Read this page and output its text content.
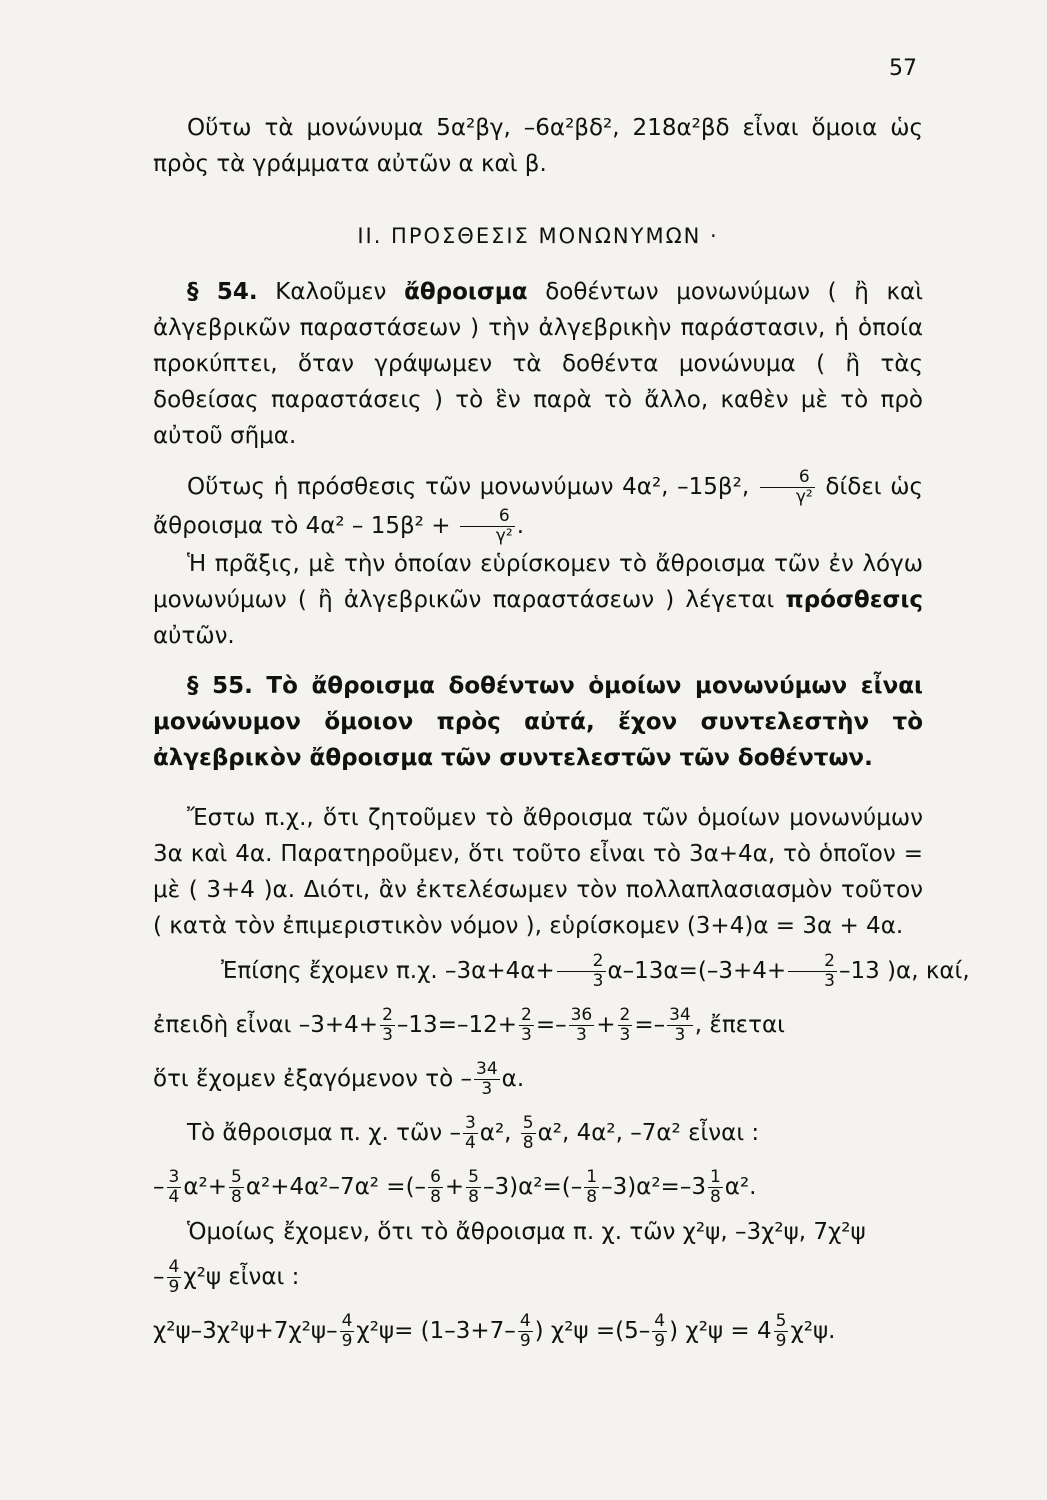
57

Οὕτω τὰ μονώνυμα 5α²βγ, –6α²βδ², 218α²βδ εἶναι ὅμοια ὡς πρὸς τὰ γράμματα αὐτῶν α καὶ β.

ΙΙ. ΠΡΟΣΘΕΣΙΣ ΜΟΝΩΝΥΜΩΝ ·

§ 54. Καλοῦμεν ἄθροισμα δοθέντων μονωνύμων ( ἢ καὶ ἀλγεβρικῶν παραστάσεων ) τὴν ἀλγεβρικὴν παράστασιν, ἡ ὁποία προκύπτει, ὅταν γράψωμεν τὰ δοθέντα μονώνυμα ( ἢ τὰς δοθείσας παραστάσεις ) τὸ ἓν παρὰ τὸ ἄλλο, καθὲν μὲ τὸ πρὸ αὐτοῦ σῆμα.

Οὕτως ἡ πρόσθεσις τῶν μονωνύμων 4α², –15β², $\frac{6}{\text{γ²}}$ δίδει ὡς ἄθροισμα τὸ $4\alpha^2 - 15\beta^2 + \frac{6}{\text{γ²}}$ .

Ἡ πρᾶξις, μὲ τὴν ὁποίαν εὑρίσκομεν τὸ ἄθροισμα τῶν ἐν λόγω μονωνύμων ( ἢ ἀλγεβρικῶν παραστάσεων ) λέγεται πρόσθεσις αὐτῶν.

§ 55. Τὸ ἄθροισμα δοθέντων ὁμοίων μονωνύμων εἶναι μονώνυμον ὅμοιον πρὸς αὐτά, ἔχον συντελεστὴν τὸ ἀλγεβρικὸν ἄθροισμα τῶν συντελεστῶν τῶν δοθέντων.

Ἔστω π.χ., ὅτι ζητοῦμεν τὸ ἄθροισμα τῶν ὁμοίων μονωνύμων 3α καὶ 4α. Παρατηροῦμεν, ὅτι τοῦτο εἶναι τὸ 3α+4α, τὸ ὁποῖον = μὲ ( 3+4 )α. Διότι, ἂν ἐκτελέσωμεν τὸν πολλαπλασιασμὸν τοῦτον ( κατὰ τὸν ἐπιμεριστικὸν νόμον ), εὑρίσκομεν (3+4)α = 3α + 4α.

Ἐπίσης ἔχομεν π.χ. $-3\alpha+4\alpha+ \frac{2}{3} \alpha-13\alpha=(-3+4+ \frac{2}{3} -13$ )α, καί,
ἐπειδὴ εἶναι $-3+4+ \frac{2}{3} -13=-12+ \frac{2}{3} =- \frac{36}{3} + \frac{2}{3} =- \frac{34}{3}$ , ἔπεται
ὅτι ἔχομεν ἐξαγόμενον τὸ – $\frac{34}{3} \alpha$.
Τὸ ἄθροισμα π. χ. τῶν – $\frac{3}{4} \alpha^2$, $\frac{5}{8} \alpha^2$, 4α², –7α² εἶναι :
– $\frac{3}{4} \alpha^2+ \frac{5}{8} \alpha^2+4\alpha^2-7\alpha^2$ =(– $\frac{6}{8} + \frac{5}{8} -3)\alpha^2=(- \frac{1}{8} -3)\alpha^2=-3 \frac{1}{8} \alpha^2$.

Ὁμοίως ἔχομεν, ὅτι τὸ ἄθροισμα π. χ. τῶν χ²ψ, –3χ²ψ, 7χ²ψ

– $\frac{4}{9} \chi^2\psi$ εἶναι :
$\chi^2\psi-3\chi^2\psi+7\chi^2\psi- \frac{4}{9} \chi^2\psi= (1-3+7- \frac{4}{9}$ ) $\chi^2\psi =(5- \frac{4}{9}$ ) $\chi^2\psi = 4 \frac{5}{9} \chi^2\psi$.
